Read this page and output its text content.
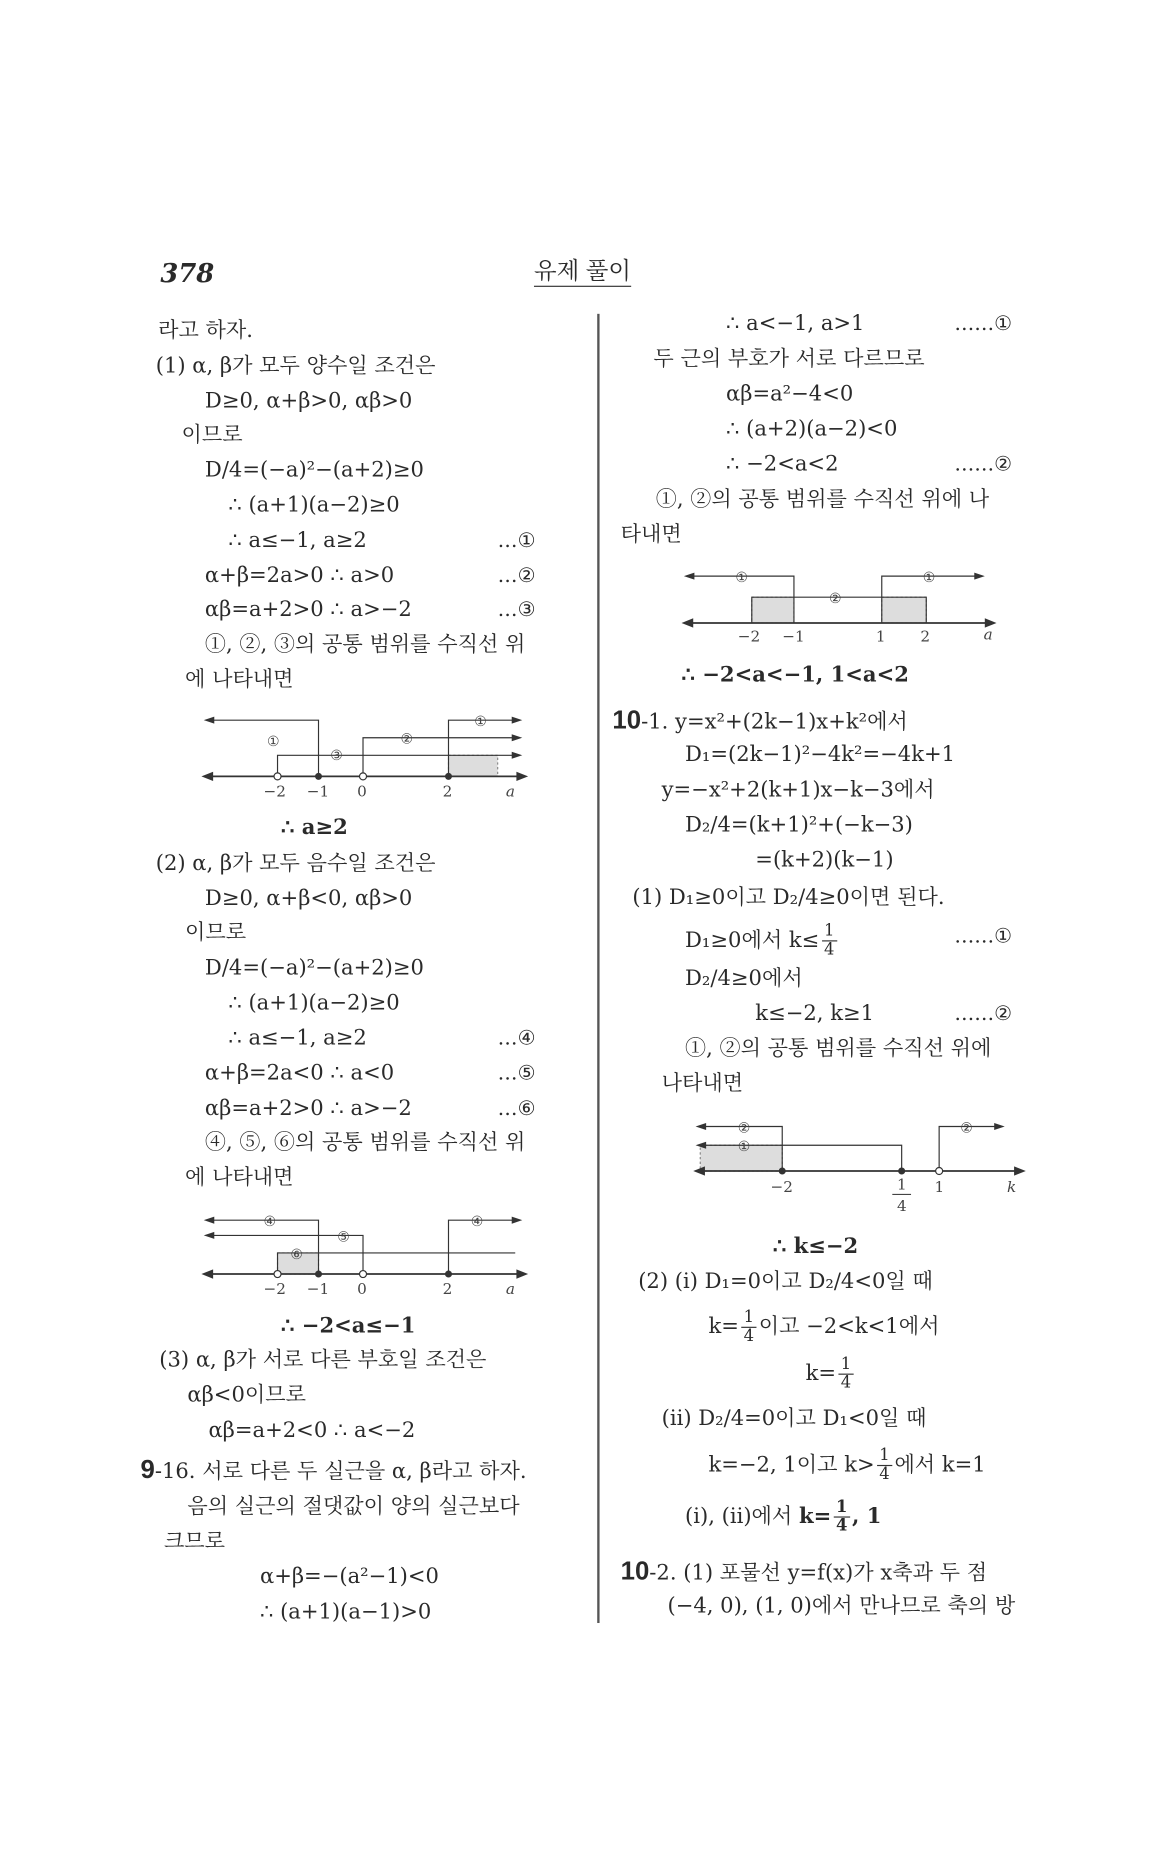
378	유제 풀이
라고 하자.
(1) α, β가 모두 양수일 조건은
D≥0, α+β>0, αβ>0
이므로
D/4=(−a)²−(a+2)≥0
∴ (a+1)(a−2)≥0
∴ a≤−1, a≥2	…①
α+β=2a>0 ∴ a>0	…②
αβ=a+2>0 ∴ a>−2	…③
①, ②, ③의 공통 범위를 수직선 위
에 나타내면
①
①
②
③
−2 −1 0	2	a
∴ a≥2
(2) α, β가 모두 음수일 조건은
D≥0, α+β<0, αβ>0
이므로
D/4=(−a)²−(a+2)≥0
∴ (a+1)(a−2)≥0
∴ a≤−1, a≥2	…④
α+β=2a<0 ∴ a<0	…⑤
αβ=a+2>0 ∴ a>−2	…⑥
④, ⑤, ⑥의 공통 범위를 수직선 위
에 나타내면
④	④
⑤
⑥
−2 −1 0	2	a
∴ −2<a≤−1
(3) α, β가 서로 다른 부호일 조건은
αβ<0이므로
αβ=a+2<0 ∴ a<−2
9-16. 서로 다른 두 실근을 α, β라고 하자.
음의 실근의 절댓값이 양의 실근보다
크므로
α+β=−(a²−1)<0
∴ (a+1)(a−1)>0
∴ a<−1, a>1	……①
두 근의 부호가 서로 다르므로
αβ=a²−4<0
∴ (a+2)(a−2)<0
∴ −2<a<2	……②
①, ②의 공통 범위를 수직선 위에 나
타내면
①	①
②
−2 −1	1	2	a
∴ −2<a<−1, 1<a<2
10-1. y=x²+(2k−1)x+k²에서
D₁=(2k−1)²−4k²=−4k+1
y=−x²+2(k+1)x−k−3에서
D₂/4=(k+1)²+(−k−3)
=(k+2)(k−1)
(1) D₁≥0이고 D₂/4≥0이면 된다.
D₁≥0에서 $k\le \frac{1}{4}$	……①
D₂/4≥0에서
k≤−2, k≥1	……②
①, ②의 공통 범위를 수직선 위에
나타내면
②
①
②
−2	1
4
1	k
∴ k≤−2
(2) (i) D₁=0이고 D₂/4<0일 때
$k= \frac{1}{4}$ 이고 −2<k<1에서
$k= \frac{1}{4}$
(ii) D₂/4=0이고 D₁<0일 때
k=−2, 1이고 $k> \frac{1}{4}$ 에서 k=1
(i), (ii)에서 $k= \frac{1}{4}$ , 1
10-2. (1) 포물선 y=f(x)가 x축과 두 점
(−4, 0), (1, 0)에서 만나므로 축의 방
